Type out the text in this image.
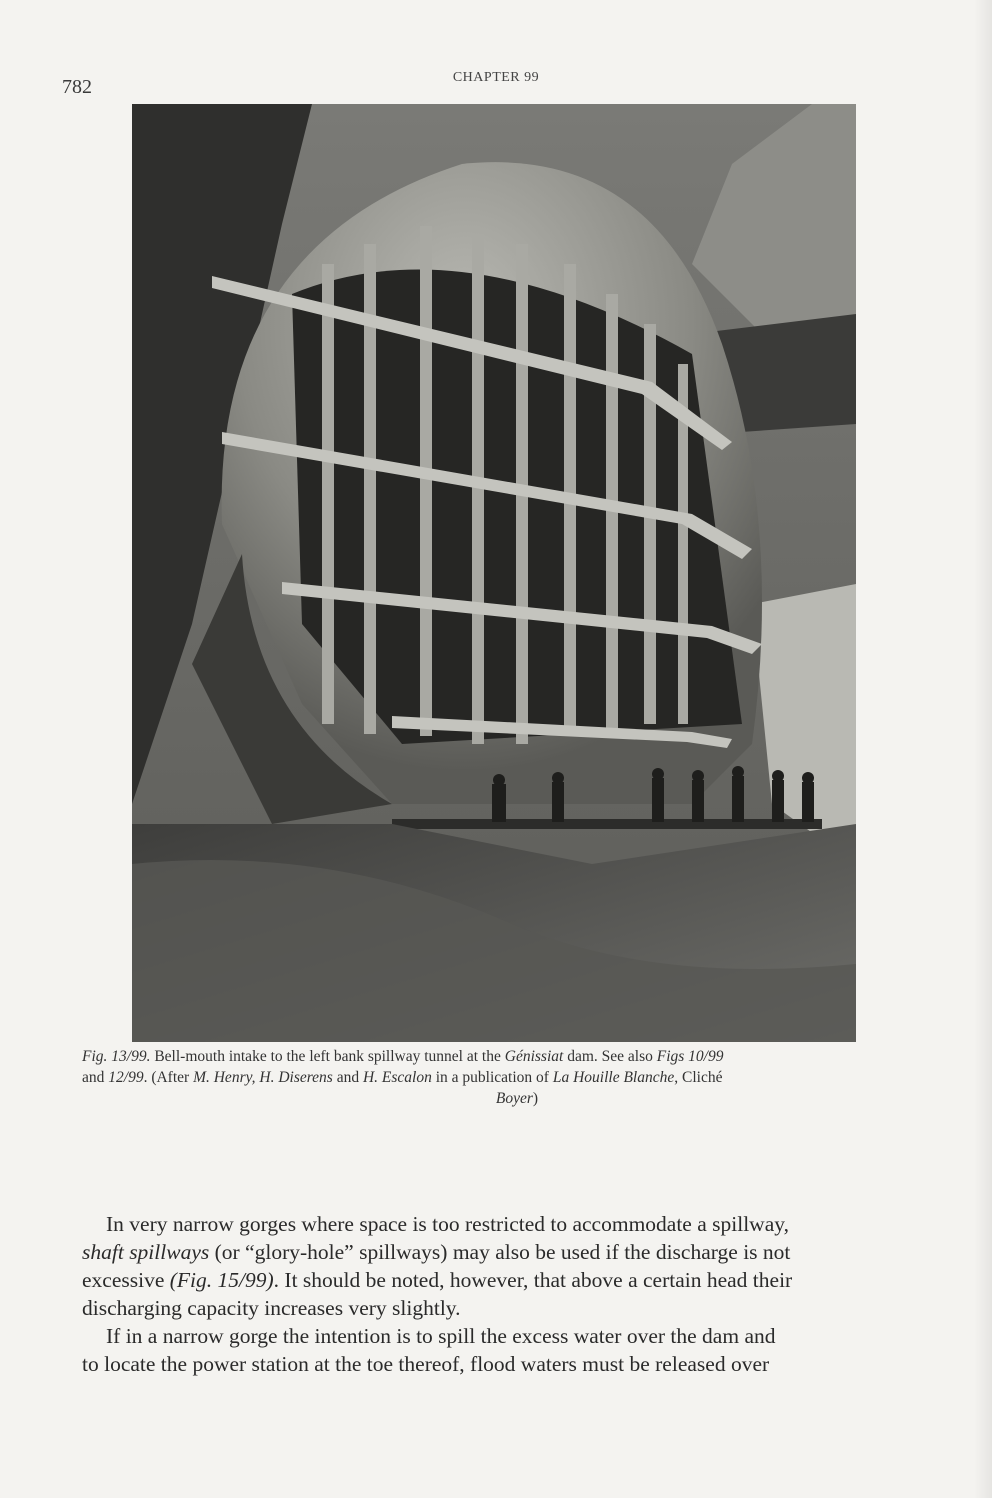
782	CHAPTER 99
Fig. 13/99. Bell-mouth intake to the left bank spillway tunnel at the Génissiat dam. See also Figs 10/99
and 12/99. (After M. Henry, H. Diserens and H. Escalon in a publication of La Houille Blanche, Cliché
Boyer)
In very narrow gorges where space is too restricted to accommodate a spillway,
shaft spillways (or “glory-hole” spillways) may also be used if the discharge is not
excessive (Fig. 15/99). It should be noted, however, that above a certain head their
discharging capacity increases very slightly.
If in a narrow gorge the intention is to spill the excess water over the dam and
to locate the power station at the toe thereof, flood waters must be released over
